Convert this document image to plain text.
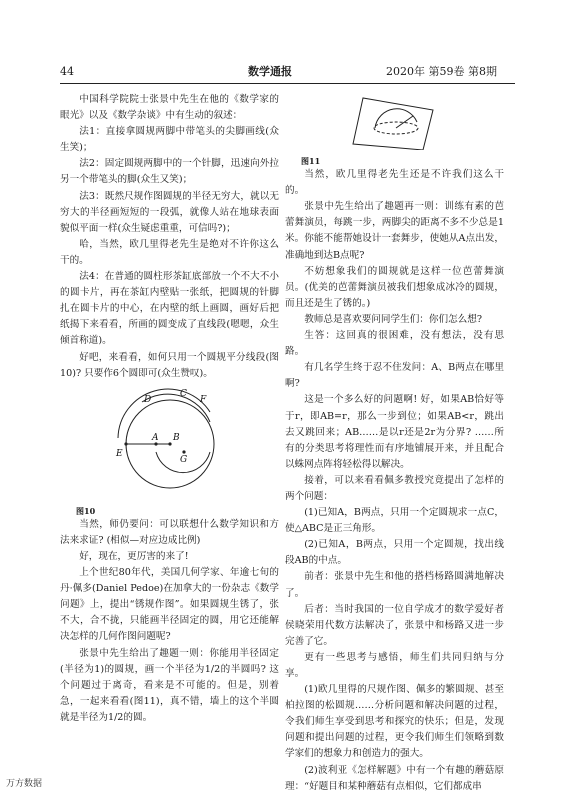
44	数学通报	2020年 第59卷 第8期

中国科学院院士张景中先生在他的《数学家的眼光》以及《数学杂谈》中有生动的叙述：

法1：直接拿圆规两脚中带笔头的尖脚画线(众生笑)；

法2：固定圆规两脚中的一个针脚，迅速向外拉另一个带笔头的脚(众生又笑)；

法3：既然尺规作图圆规的半径无穷大，就以无穷大的半径画短短的一段弧，就像人站在地球表面貌似平面一样(众生疑虑重重，可信吗?)；

哈，当然，欧几里得老先生是绝对不许你这么干的。

法4：在普通的圆柱形茶缸底部放一个不大不小的圆卡片，再在茶缸内壁贴一张纸，把圆规的针脚扎在圆卡片的中心，在内壁的纸上画圆，画好后把纸揭下来看看，所画的圆变成了直线段(嗯嗯，众生倾首称道)。

好吧，来看看，如何只用一个圆规平分线段(图10)? 只要作6个圆即可(众生赞叹)。

D
C
F
E
A
G
B

图10

当然，师仍要问：可以联想什么数学知识和方法来求证? (相似—对应边成比例)

好，现在，更厉害的来了!

上个世纪80年代，美国几何学家、年逾七旬的丹·佩多(Daniel Pedoe)在加拿大的一份杂志《数学问题》上，提出“锈规作图”。如果圆规生锈了，张不大，合不拢，只能画半径固定的圆，用它还能解决怎样的几何作图问题呢?

张景中先生给出了趣题一则：你能用半径固定(半径为1)的圆规，画一个半径为1/2的半圆吗? 这个问题过于离奇，看来是不可能的。但是，别着急，一起来看看(图11)，真不错，墙上的这个半圆就是半径为1/2的圆。

图11

当然，欧几里得老先生还是不许我们这么干的。

张景中先生给出了趣题再一则：训练有素的芭蕾舞演员，每跳一步，两脚尖的距离不多不少总是1米。你能不能帮她设计一套舞步，使她从A点出发，准确地到达B点呢?

不妨想象我们的圆规就是这样一位芭蕾舞演员。(优美的芭蕾舞演员被我们想象成冰冷的圆规，而且还是生了锈的。)

教师总是喜欢要问同学生们：你们怎么想?

生答：这回真的很困难，没有想法，没有思路。

有几名学生终于忍不住发问：A、B两点在哪里啊?

这是一个多么好的问题啊! 好，如果AB恰好等于r，即AB=r，那么一步到位；如果AB<r，跳出去又跳回来；AB……是以r还是2r为分界? ……所有的分类思考将理性而有序地铺展开来，并且配合以蛛网点阵将轻松得以解决。

接着，可以来看看佩多教授究竟提出了怎样的两个问题：

(1)已知A，B两点，只用一个定圆规求一点C，使△ABC是正三角形。

(2)已知A，B两点，只用一个定圆规，找出线段AB的中点。

前者：张景中先生和他的搭档杨路圆满地解决了。

后者：当时我国的一位自学成才的数学爱好者侯晓荣用代数方法解决了，张景中和杨路又进一步完善了它。

更有一些思考与感悟，师生们共同归纳与分享。

(1)欧几里得的尺规作图、佩多的繁圆规、甚至柏拉图的松圆规……分析问题和解决问题的过程，令我们师生享受到思考和探究的快乐；但是，发现问题和提出问题的过程，更令我们师生们领略到数学家们的想象力和创造力的强大。

(2)波利亚《怎样解题》中有一个有趣的蘑菇原理：“好题目和某种蘑菇有点相似，它们都成串

万方数据
